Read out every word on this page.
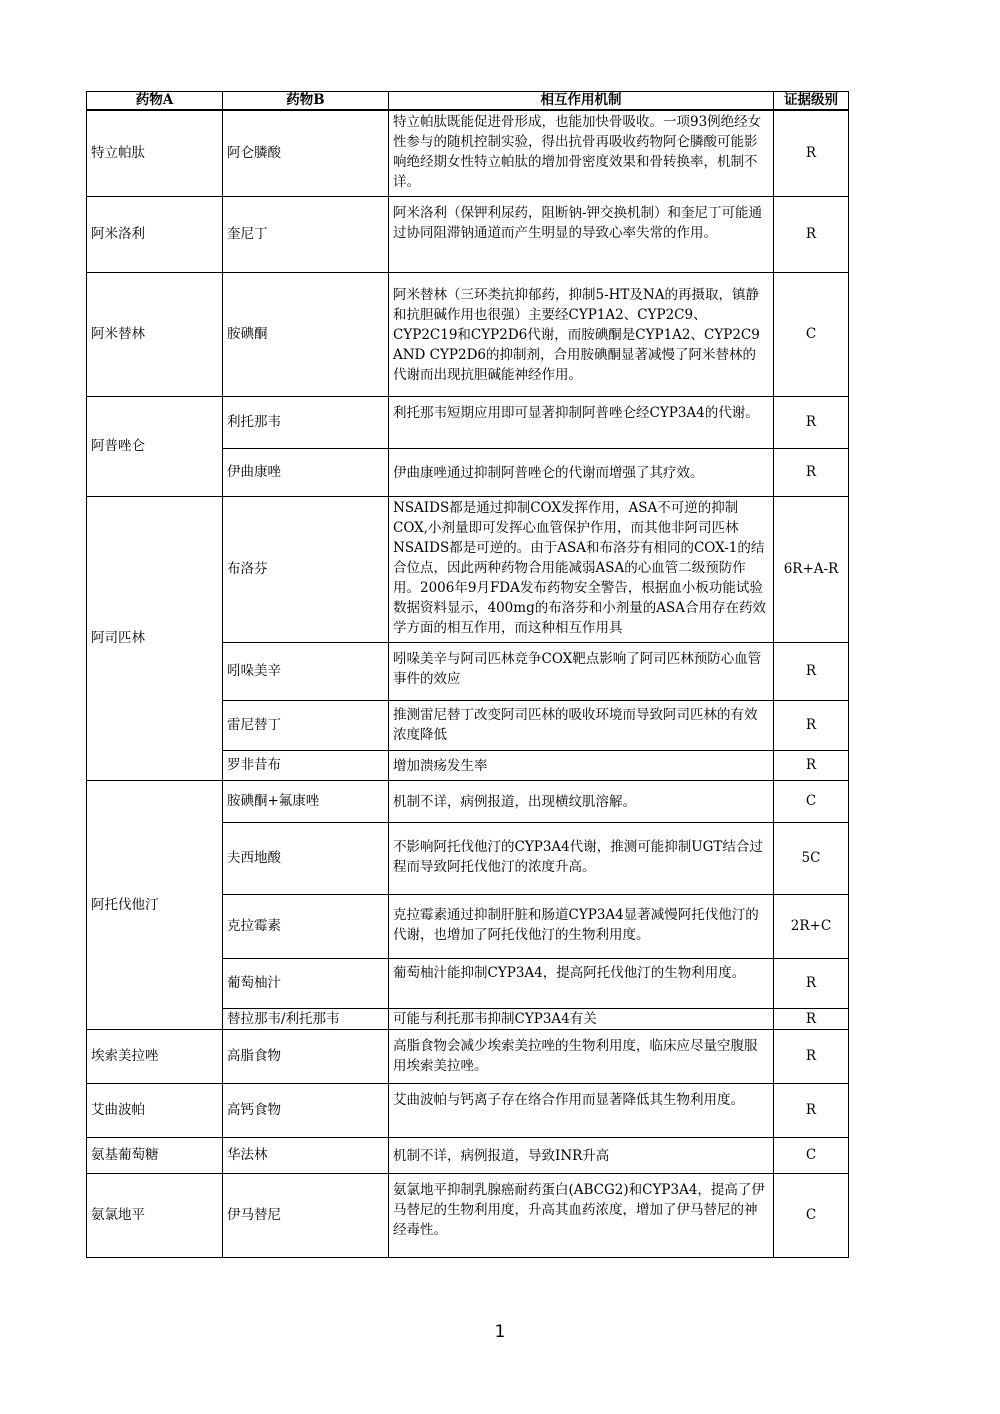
药物A	药物B	相互作用机制	证据级别
特立帕肽	阿仑膦酸	特立帕肽既能促进骨形成，也能加快骨吸收。一项93例绝经女性参与的随机控制实验，得出抗骨再吸收药物阿仑膦酸可能影响绝经期女性特立帕肽的增加骨密度效果和骨转换率，机制不详。	R
阿米洛利	奎尼丁	阿米洛利（保钾利尿药，阻断钠-钾交换机制）和奎尼丁可能通过协同阻滞钠通道而产生明显的导致心率失常的作用。	R
阿米替林	胺碘酮	阿米替林（三环类抗抑郁药，抑制5-HT及NA的再摄取，镇静和抗胆碱作用也很强）主要经CYP1A2、CYP2C9、CYP2C19和CYP2D6代谢，而胺碘酮是CYP1A2、CYP2C9 AND CYP2D6的抑制剂，合用胺碘酮显著减慢了阿米替林的代谢而出现抗胆碱能神经作用。	C
阿普唑仑	利托那韦	利托那韦短期应用即可显著抑制阿普唑仑经CYP3A4的代谢。	R
	伊曲康唑	伊曲康唑通过抑制阿普唑仑的代谢而增强了其疗效。	R
阿司匹林	布洛芬	NSAIDS都是通过抑制COX发挥作用，ASA不可逆的抑制COX,小剂量即可发挥心血管保护作用，而其他非阿司匹林NSAIDS都是可逆的。由于ASA和布洛芬有相同的COX-1的结合位点，因此两种药物合用能减弱ASA的心血管二级预防作用。2006年9月FDA发布药物安全警告，根据血小板功能试验数据资料显示，400mg的布洛芬和小剂量的ASA合用存在药效学方面的相互作用，而这种相互作用具	6R+A-R
	吲哚美辛	吲哚美辛与阿司匹林竞争COX靶点影响了阿司匹林预防心血管事件的效应	R
	雷尼替丁	推测雷尼替丁改变阿司匹林的吸收环境而导致阿司匹林的有效浓度降低	R
	罗非昔布	增加溃疡发生率	R
阿托伐他汀	胺碘酮+氟康唑	机制不详，病例报道，出现横纹肌溶解。	C
	夫西地酸	不影响阿托伐他汀的CYP3A4代谢，推测可能抑制UGT结合过程而导致阿托伐他汀的浓度升高。	5C
	克拉霉素	克拉霉素通过抑制肝脏和肠道CYP3A4显著减慢阿托伐他汀的代谢，也增加了阿托伐他汀的生物利用度。	2R+C
	葡萄柚汁	葡萄柚汁能抑制CYP3A4，提高阿托伐他汀的生物利用度。	R
	替拉那韦/利托那韦	可能与利托那韦抑制CYP3A4有关	R
埃索美拉唑	高脂食物	高脂食物会减少埃索美拉唑的生物利用度，临床应尽量空腹服用埃索美拉唑。	R
艾曲波帕	高钙食物	艾曲波帕与钙离子存在络合作用而显著降低其生物利用度。	R
氨基葡萄糖	华法林	机制不详，病例报道，导致INR升高	C
氨氯地平	伊马替尼	氨氯地平抑制乳腺癌耐药蛋白(ABCG2)和CYP3A4，提高了伊马替尼的生物利用度，升高其血药浓度，增加了伊马替尼的神经毒性。	C
1
